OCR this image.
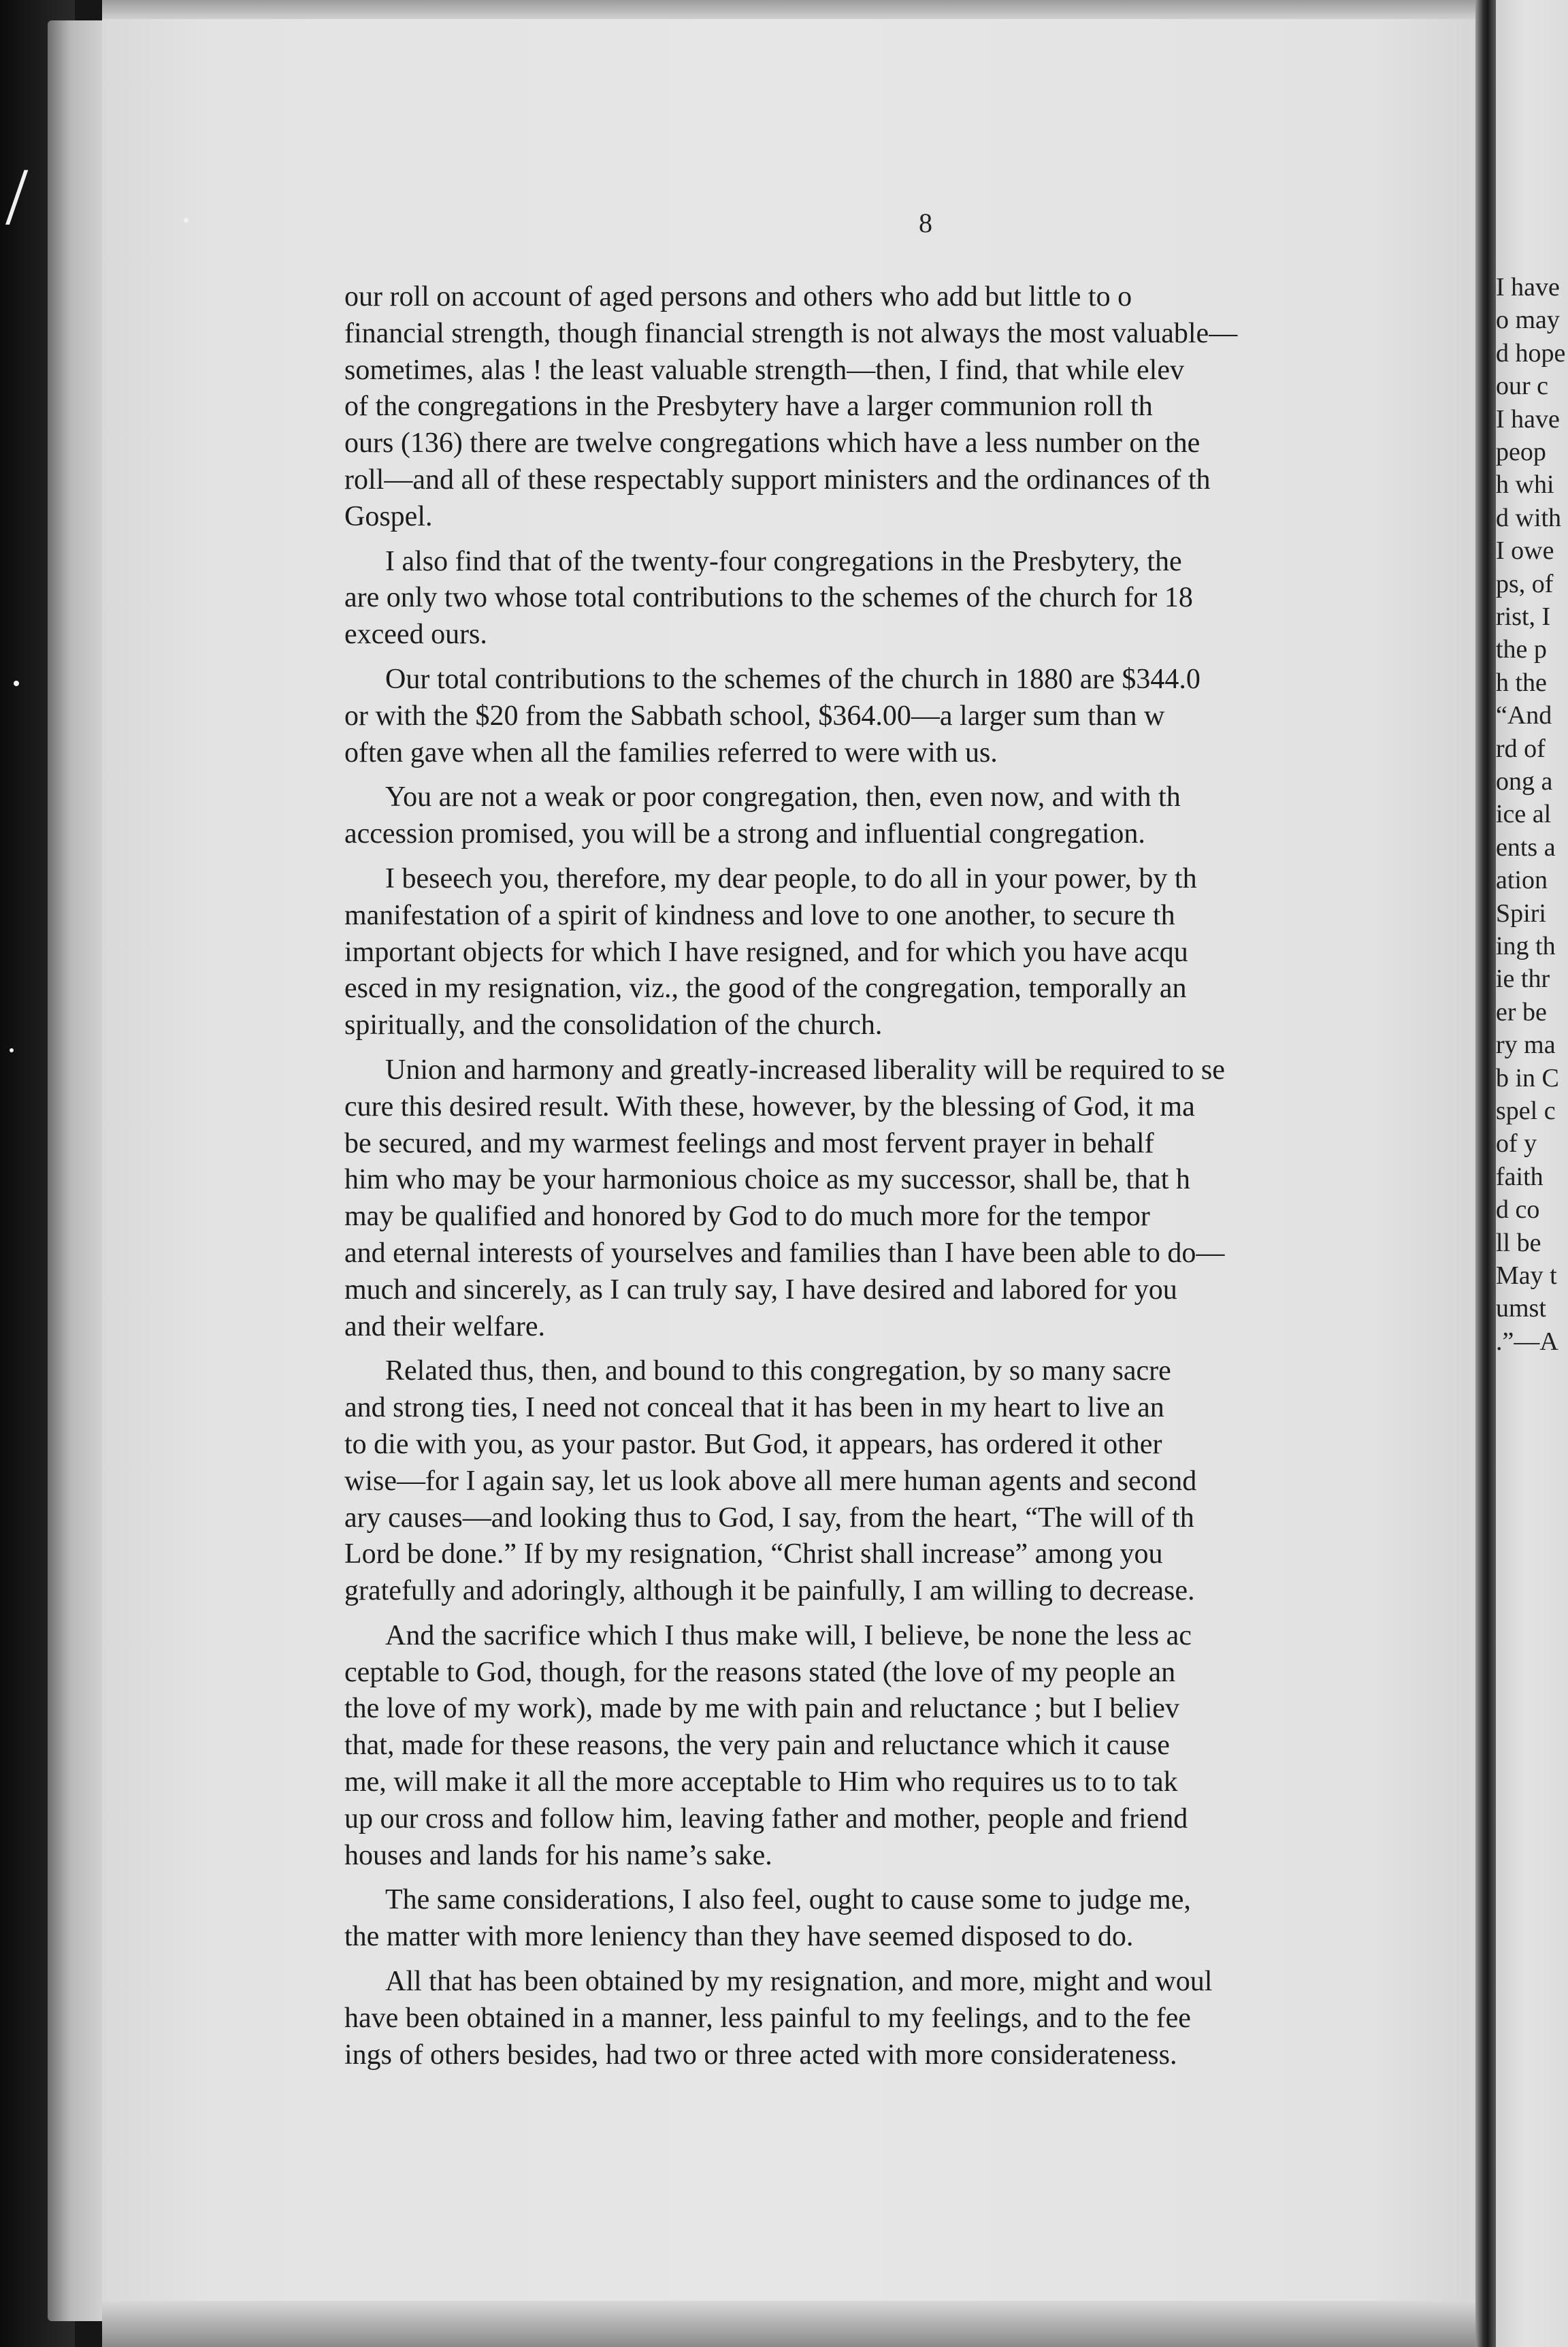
I have
o may
d hope
our c
I have
peop
h whi
d with
I owe
ps, of
rist, I
the p
h the
“And
rd of
ong a
ice al
ents a
ation
Spiri
ing th
ie thr
er be
ry ma
b in C
spel c
of y
faith
d co
ll be
May t
umst
.”—A
/	8
our roll on account of aged persons and others who add but little to o
financial strength, though financial strength is not always the most valuable—
sometimes, alas ! the least valuable strength—then, I find, that while elev
of the congregations in the Presbytery have a larger communion roll th
ours (136) there are twelve congregations which have a less number on the
roll—and all of these respectably support ministers and the ordinances of th
Gospel.
I also find that of the twenty-four congregations in the Presbytery, the
are only two whose total contributions to the schemes of the church for 18
exceed ours.
Our total contributions to the schemes of the church in 1880 are $344.0
or with the $20 from the Sabbath school, $364.00—a larger sum than w
often gave when all the families referred to were with us.
You are not a weak or poor congregation, then, even now, and with th
accession promised, you will be a strong and influential congregation.
I beseech you, therefore, my dear people, to do all in your power, by th
manifestation of a spirit of kindness and love to one another, to secure th
important objects for which I have resigned, and for which you have acqu
esced in my resignation, viz., the good of the congregation, temporally an
spiritually, and the consolidation of the church.
Union and harmony and greatly-increased liberality will be required to se
cure this desired result. With these, however, by the blessing of God, it ma
be secured, and my warmest feelings and most fervent prayer in behalf
him who may be your harmonious choice as my successor, shall be, that h
may be qualified and honored by God to do much more for the tempor
and eternal interests of yourselves and families than I have been able to do—
much and sincerely, as I can truly say, I have desired and labored for you
and their welfare.
Related thus, then, and bound to this congregation, by so many sacre
and strong ties, I need not conceal that it has been in my heart to live an
to die with you, as your pastor. But God, it appears, has ordered it other
wise—for I again say, let us look above all mere human agents and second
ary causes—and looking thus to God, I say, from the heart, “The will of th
Lord be done.” If by my resignation, “Christ shall increase” among you
gratefully and adoringly, although it be painfully, I am willing to decrease.
And the sacrifice which I thus make will, I believe, be none the less ac
ceptable to God, though, for the reasons stated (the love of my people an
the love of my work), made by me with pain and reluctance ; but I believ
that, made for these reasons, the very pain and reluctance which it cause
me, will make it all the more acceptable to Him who requires us to to tak
up our cross and follow him, leaving father and mother, people and friend
houses and lands for his name’s sake.
The same considerations, I also feel, ought to cause some to judge me,
the matter with more leniency than they have seemed disposed to do.
All that has been obtained by my resignation, and more, might and woul
have been obtained in a manner, less painful to my feelings, and to the fee
ings of others besides, had two or three acted with more considerateness.
